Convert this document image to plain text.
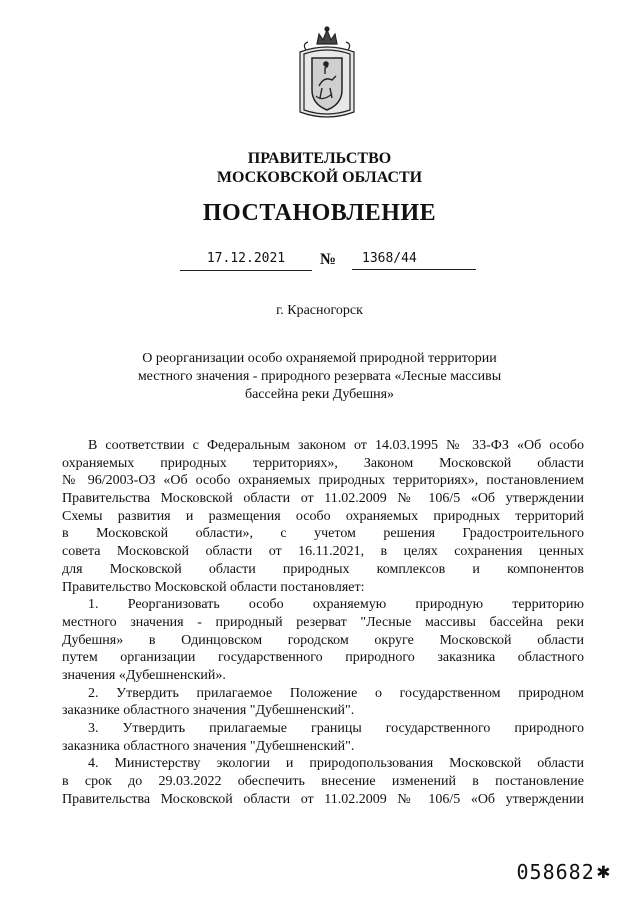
ПРАВИТЕЛЬСТВО
МОСКОВСКОЙ ОБЛАСТИ
ПОСТАНОВЛЕНИЕ
17.12.2021	№	1368/44
г. Красногорск
О реорганизации особо охраняемой природной территории
местного значения - природного резервата «Лесные массивы
бассейна реки Дубешня»
В соответствии с Федеральным законом от 14.03.1995 № 33-ФЗ «Об особо
охраняемых природных территориях», Законом Московской области
№ 96/2003-ОЗ «Об особо охраняемых природных территориях», постановлением
Правительства Московской области от 11.02.2009 № 106/5 «Об утверждении
Схемы развития и размещения особо охраняемых природных территорий
в Московской области», с учетом решения Градостроительного
совета Московской области от 16.11.2021, в целях сохранения ценных
для Московской области природных комплексов и компонентов
Правительство Московской области постановляет:
1. Реорганизовать особо охраняемую природную территорию
местного значения - природный резерват "Лесные массивы бассейна реки
Дубешня» в Одинцовском городском округе Московской области
путем организации государственного природного заказника областного
значения «Дубешненский».
2. Утвердить прилагаемое Положение о государственном природном
заказнике областного значения "Дубешненский".
3. Утвердить прилагаемые границы государственного природного
заказника областного значения "Дубешненский".
4. Министерству экологии и природопользования Московской области
в срок до 29.03.2022 обеспечить внесение изменений в постановление
Правительства Московской области от 11.02.2009 № 106/5 «Об утверждении
058682 ✱
